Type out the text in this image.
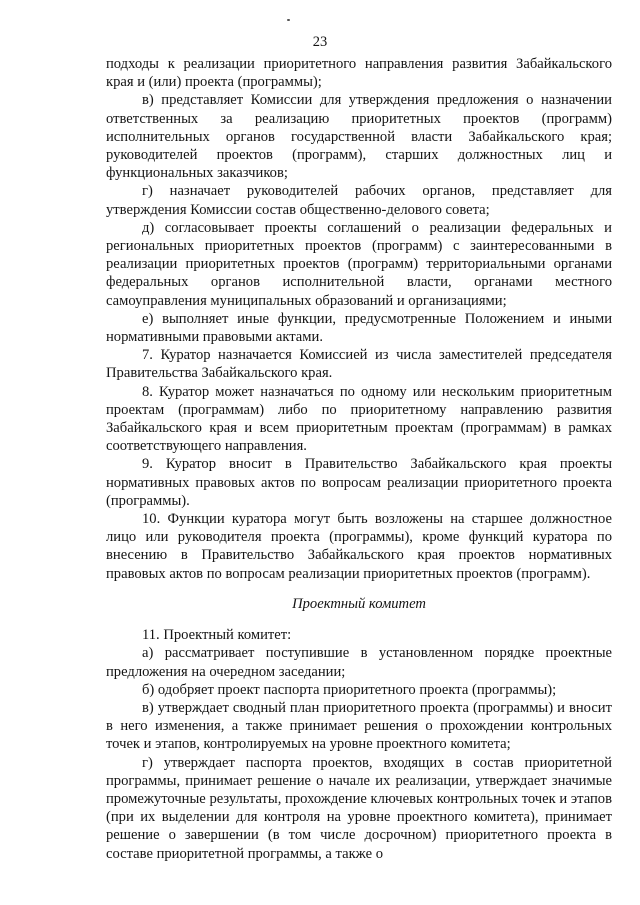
23

подходы к реализации приоритетного направления развития Забайкальского края и (или) проекта (программы);

в) представляет Комиссии для утверждения предложения о назначении ответственных за реализацию приоритетных проектов (программ) исполнительных органов государственной власти Забайкальского края; руководителей проектов (программ), старших должностных лиц и функциональных заказчиков;

г) назначает руководителей рабочих органов, представляет для утверждения Комиссии состав общественно-делового совета;

д) согласовывает проекты соглашений о реализации федеральных и региональных приоритетных проектов (программ) с заинтересованными в реализации приоритетных проектов (программ) территориальными органами федеральных органов исполнительной власти, органами местного самоуправления муниципальных образований и организациями;

е) выполняет иные функции, предусмотренные Положением и иными нормативными правовыми актами.

7. Куратор назначается Комиссией из числа заместителей председателя Правительства Забайкальского края.

8. Куратор может назначаться по одному или нескольким приоритетным проектам (программам) либо по приоритетному направлению развития Забайкальского края и всем приоритетным проектам (программам) в рамках соответствующего направления.

9. Куратор вносит в Правительство Забайкальского края проекты нормативных правовых актов по вопросам реализации приоритетного проекта (программы).

10. Функции куратора могут быть возложены на старшее должностное лицо или руководителя проекта (программы), кроме функций куратора по внесению в Правительство Забайкальского края проектов нормативных правовых актов по вопросам реализации приоритетных проектов (программ).

Проектный комитет

11. Проектный комитет:

а) рассматривает поступившие в установленном порядке проектные предложения на очередном заседании;

б) одобряет проект паспорта приоритетного проекта (программы);

в) утверждает сводный план приоритетного проекта (программы) и вносит в него изменения, а также принимает решения о прохождении контрольных точек и этапов, контролируемых на уровне проектного комитета;

г) утверждает паспорта проектов, входящих в состав приоритетной программы, принимает решение о начале их реализации, утверждает значимые промежуточные результаты, прохождение ключевых контрольных точек и этапов (при их выделении для контроля на уровне проектного комитета), принимает решение о завершении (в том числе досрочном) приоритетного проекта в составе приоритетной программы, а также о
